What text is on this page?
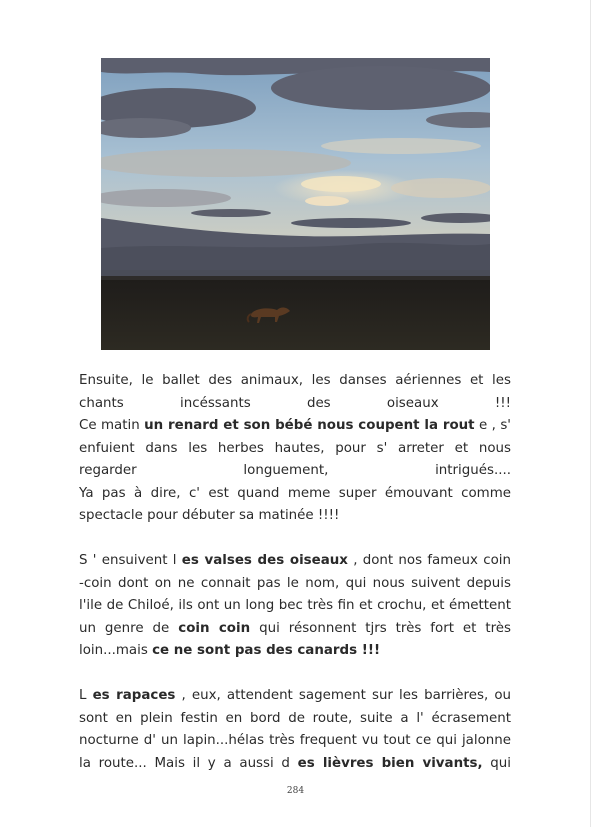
Ensuite, le ballet des animaux, les danses aériennes et les
chants incéssants des oiseaux !!!
Ce matin un renard et son bébé nous coupent la rout e , s'
enfuient dans les herbes hautes, pour s' arreter et nous
regarder longuement, intrigués....
Ya pas à dire, c' est quand meme super émouvant comme
spectacle pour débuter sa matinée !!!!
S ' ensuivent l es valses des oiseaux , dont nos fameux coin
-coin dont on ne connait pas le nom, qui nous suivent depuis
l'ile de Chiloé, ils ont un long bec très fin et crochu, et émettent
un genre de coin coin qui résonnent tjrs très fort et très
loin...mais ce ne sont pas des canards !!!
L es rapaces , eux, attendent sagement sur les barrières, ou
sont en plein festin en bord de route, suite a l' écrasement
nocturne d' un lapin...hélas très frequent vu tout ce qui jalonne
la route... Mais il y a aussi d es lièvres bien vivants, qui
284
